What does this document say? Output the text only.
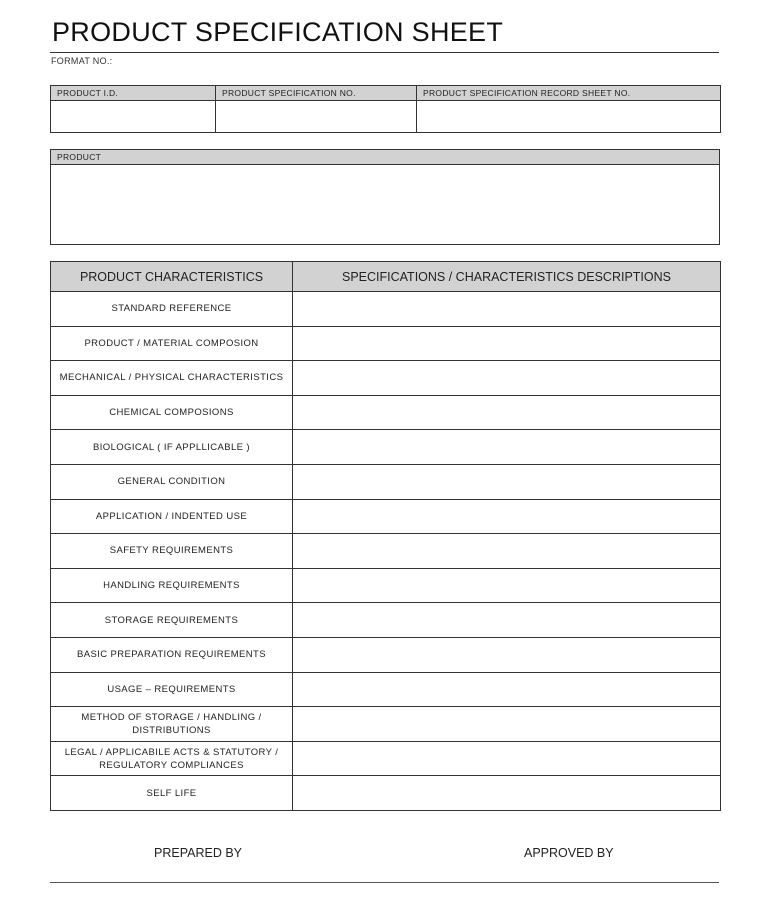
PRODUCT SPECIFICATION SHEET
FORMAT NO.:
PRODUCT I.D.	PRODUCT SPECIFICATION NO.	PRODUCT SPECIFICATION RECORD SHEET NO.

PRODUCT

PRODUCT CHARACTERISTICS	SPECIFICATIONS / CHARACTERISTICS DESCRIPTIONS
STANDARD REFERENCE	
PRODUCT / MATERIAL COMPOSION	
MECHANICAL / PHYSICAL CHARACTERISTICS	
CHEMICAL COMPOSIONS	
BIOLOGICAL ( IF APPLLICABLE )	
GENERAL CONDITION	
APPLICATION / INDENTED USE	
SAFETY REQUIREMENTS	
HANDLING REQUIREMENTS	
STORAGE REQUIREMENTS	
BASIC PREPARATION REQUIREMENTS	
USAGE – REQUIREMENTS	
METHOD OF STORAGE / HANDLING / DISTRIBUTIONS	
LEGAL / APPLICABILE ACTS & STATUTORY / REGULATORY COMPLIANCES	
SELF LIFE	
PREPARED BY	APPROVED BY
